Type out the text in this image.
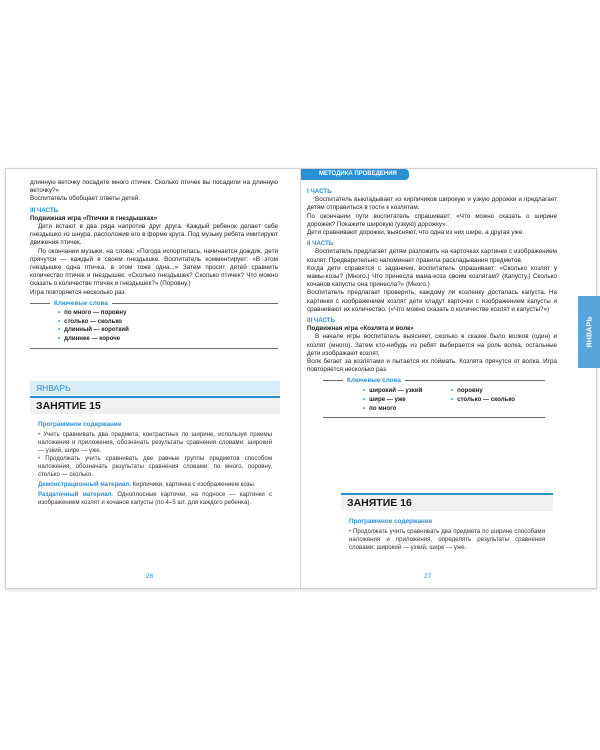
длинную веточку посадите много птичек. Сколько птичек вы посадили на длинную веточку?»

Воспитатель обобщает ответы детей.

III ЧАСТЬ
Подвижная игра «Птички в гнездышках»

Дети встают в два ряда напротив друг друга. Каждый ребенок делает себе гнездышко из шнура, расположив его в форме круга. Под музыку ребята имитируют движения птичек.

По окончании музыки, на слова: «Погода испортилась, начинается дождик, дети прячутся — каждый в своем гнездышке. Воспитатель комментирует: «В этом гнездышке одна птичка, в этом тоже одна...» Затем просит детей сравнить количество птичек и гнездышек: «Сколько гнездышек? Сколько птичек? Что можно сказать о количестве птичек и гнездышек?» (Поровну.)

Игра повторяется несколько раз.

Ключевые слова
• по много — поровну
• столько — сколько
• длинный — короткий
• длиннее — короче
ЯНВАРЬ
ЗАНЯТИЕ 15
Программное содержание

• Учить сравнивать два предмета, контрастных по ширине, используя приемы наложения и приложения, обозначать результаты сравнения словами: широкий — узкий, шире — уже.

• Продолжать учить сравнивать две равные группы предметов способом наложения, обозначать результаты сравнения словами: по много, поровну, столько — сколько.

Демонстрационный материал. Кирпичики, картинка с изображением козы.

Раздаточный материал. Одноплосные карточки, на подносе — картинки с изображением козлят и кочанов капусты (по 4–5 шт. для каждого ребенка).

26
МЕТОДИКА ПРОВЕДЕНИЯ
ЯНВАРЬ
I ЧАСТЬ

Воспитатель выкладывает из кирпичиков широкую и узкую дорожки и предлагает детям отправиться в гости к козлятам.

По окончании пути воспитатель спрашивает: «Что можно сказать о ширине дорожек? Покажите широкую (узкую) дорожку».

Дети сравнивают дорожки, выясняют, что одна из них шире, а другая уже.

II ЧАСТЬ

Воспитатель предлагает детям разложить на карточках картинки с изображением козлят. Предварительно напоминает правила раскладывания предметов.

Когда дети справятся с заданием, воспитатель спрашивает: «Сколько козлят у мамы-козы? (Много.) Что принесла мама-коза своим козлятам? (Капусту.) Сколько кочанов капусты она принесла?» (Много.)

Воспитатель предлагает проверить, каждому ли козленку досталась капуста. На картинки с изображением козлят дети кладут карточки с изображением капусты и сравнивают их количество. («Что можно сказать о количестве козлят и капусты?»)

III ЧАСТЬ
Подвижная игра «Козлята и волк»

В начале игры воспитатель выясняет, сколько в сказке было волков (один) и козлят (много). Затем кто-нибудь из ребят выбирается на роль волка, остальные дети изображают козлят.

Волк бегает за козлятами и пытается их поймать. Козлята прячутся от волка. Игра повторяется несколько раз.

Ключевые слова
• широкий — узкий	• поровну
• шире — уже	• столько — сколько
• по много
ЗАНЯТИЕ 16
Программное содержание

• Продолжать учить сравнивать два предмета по ширине способами наложения и приложения, определять результаты сравнения словами: широкий — узкий, шире — уже.

27
